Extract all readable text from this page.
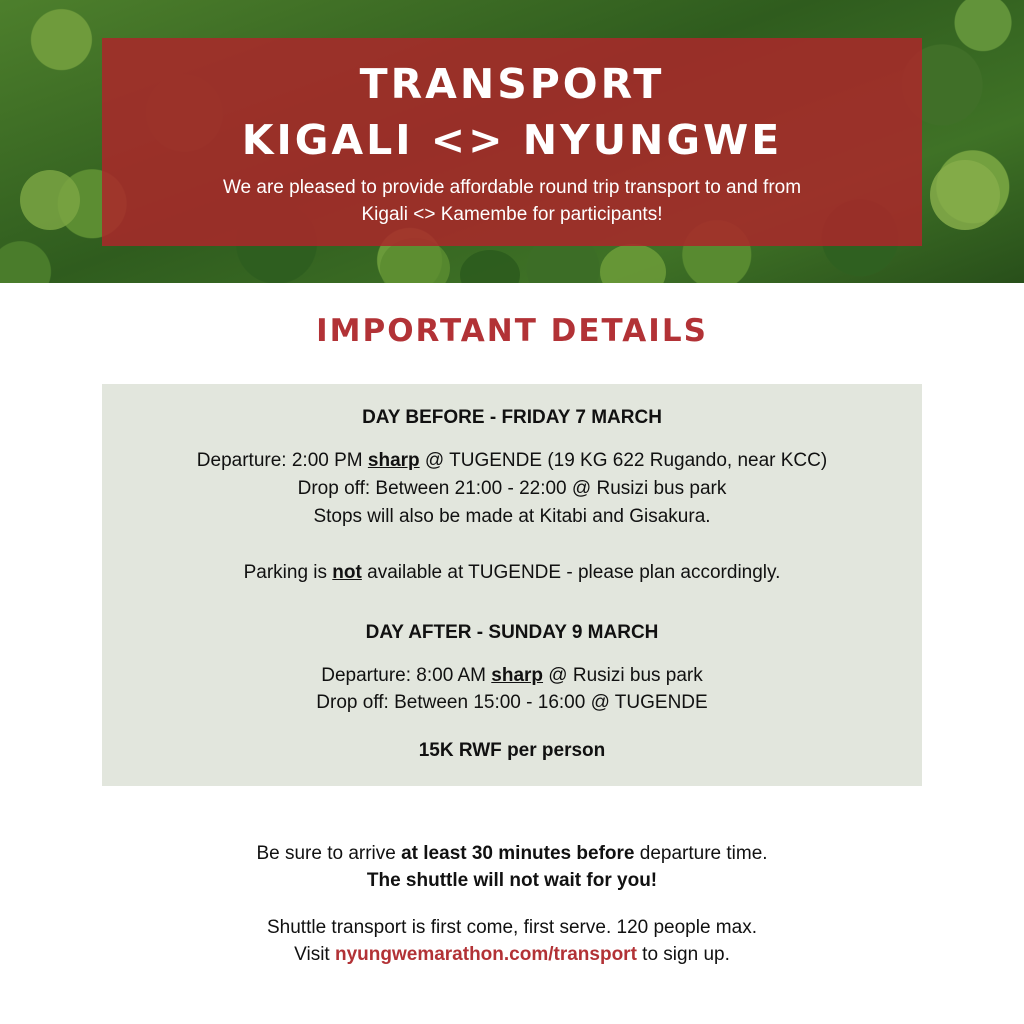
TRANSPORT
KIGALI <> NYUNGWE
We are pleased to provide affordable round trip transport to and from
Kigali <> Kamembe for participants!
IMPORTANT DETAILS
DAY BEFORE - FRIDAY 7 MARCH
Departure: 2:00 PM sharp @ TUGENDE (19 KG 622 Rugando, near KCC)
Drop off: Between 21:00 - 22:00 @ Rusizi bus park
Stops will also be made at Kitabi and Gisakura.
Parking is not available at TUGENDE - please plan accordingly.
DAY AFTER - SUNDAY 9 MARCH
Departure: 8:00 AM sharp @ Rusizi bus park
Drop off: Between 15:00 - 16:00 @ TUGENDE
15K RWF per person
Be sure to arrive at least 30 minutes before departure time.
The shuttle will not wait for you!
Shuttle transport is first come, first serve. 120 people max.
Visit nyungwemarathon.com/transport to sign up.
